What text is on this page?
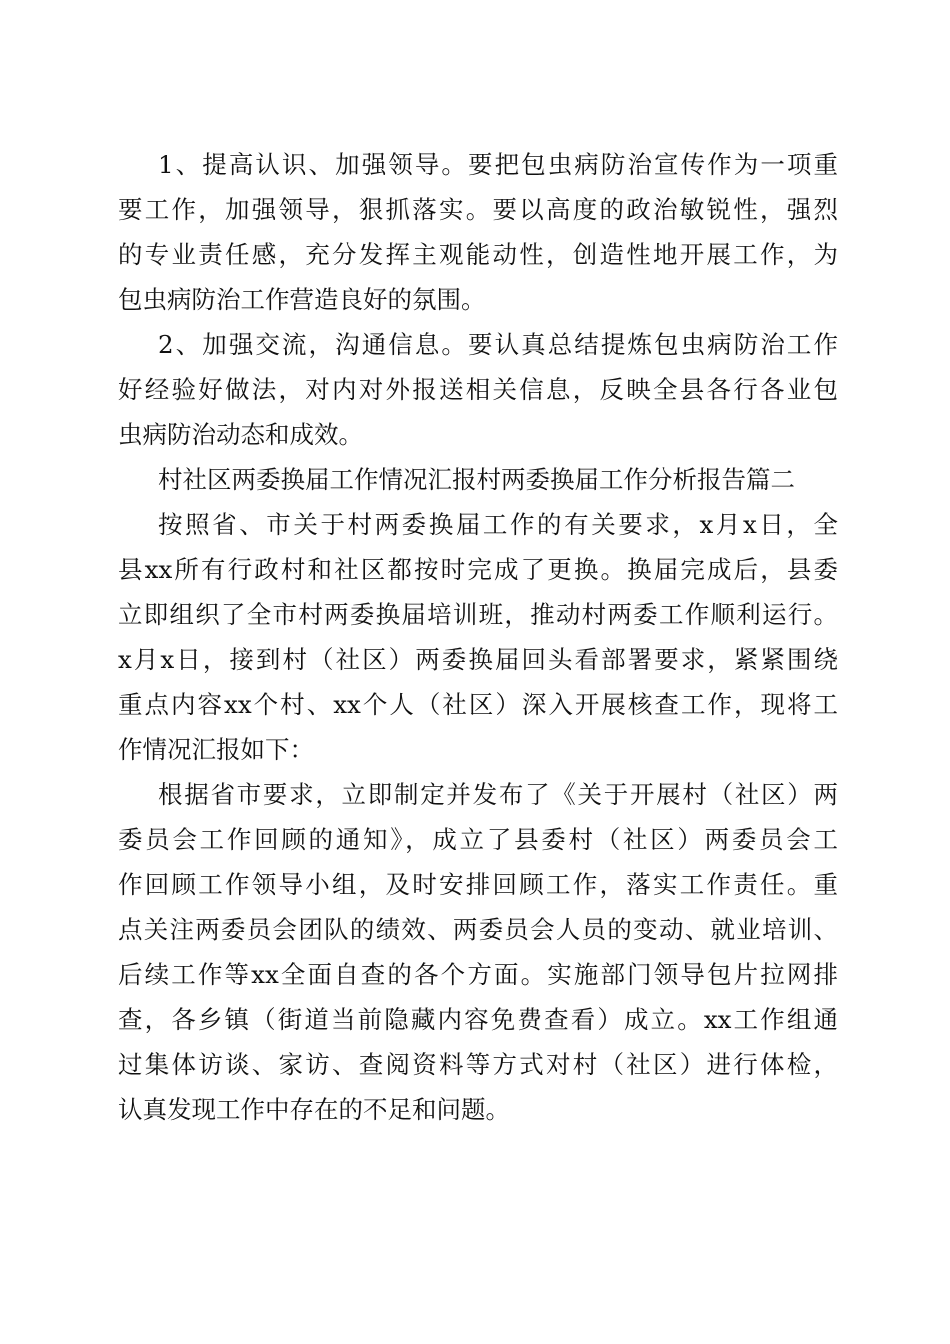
1、提高认识、加强领导。要把包虫病防治宣传作为一项重
要工作，加强领导，狠抓落实。要以高度的政治敏锐性，强烈
的专业责任感，充分发挥主观能动性，创造性地开展工作，为
包虫病防治工作营造良好的氛围。
2、加强交流，沟通信息。要认真总结提炼包虫病防治工作
好经验好做法，对内对外报送相关信息，反映全县各行各业包
虫病防治动态和成效。
村社区两委换届工作情况汇报村两委换届工作分析报告篇二
按照省、市关于村两委换届工作的有关要求，x月x日，全
县xx所有行政村和社区都按时完成了更换。换届完成后，县委
立即组织了全市村两委换届培训班，推动村两委工作顺利运行。
x月x日，接到村（社区）两委换届回头看部署要求，紧紧围绕
重点内容xx个村、xx个人（社区）深入开展核查工作，现将工
作情况汇报如下：
根据省市要求，立即制定并发布了《关于开展村（社区）两
委员会工作回顾的通知》，成立了县委村（社区）两委员会工
作回顾工作领导小组，及时安排回顾工作，落实工作责任。重
点关注两委员会团队的绩效、两委员会人员的变动、就业培训、
后续工作等xx全面自查的各个方面。实施部门领导包片拉网排
查，各乡镇（街道当前隐藏内容免费查看）成立。xx工作组通
过集体访谈、家访、查阅资料等方式对村（社区）进行体检，
认真发现工作中存在的不足和问题。
